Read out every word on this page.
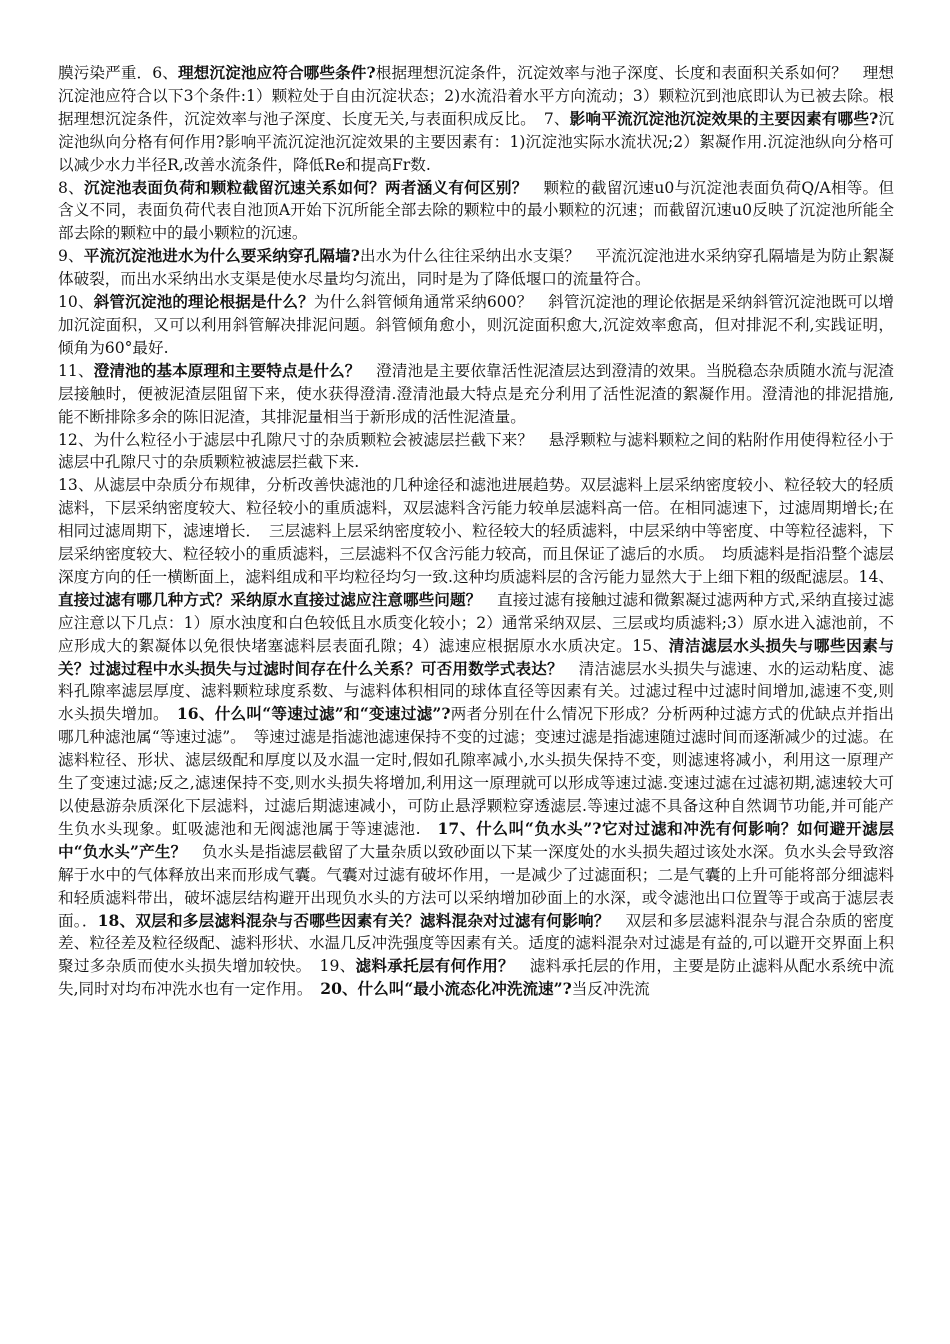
膜污染严重．6、理想沉淀池应符合哪些条件?根据理想沉淀条件，沉淀效率与池子深度、长度和表面积关系如何？　理想沉淀池应符合以下3个条件:1）颗粒处于自由沉淀状态；2)水流沿着水平方向流动；3）颗粒沉到池底即认为已被去除。根据理想沉淀条件，沉淀效率与池子深度、长度无关,与表面积成反比。　7、影响平流沉淀池沉淀效果的主要因素有哪些?沉淀池纵向分格有何作用?影响平流沉淀池沉淀效果的主要因素有：1)沉淀池实际水流状况;2）絮凝作用.沉淀池纵向分格可以减少水力半径R,改善水流条件，降低Re和提高Fr数.

8、沉淀池表面负荷和颗粒截留沉速关系如何？两者涵义有何区别？　颗粒的截留沉速u0与沉淀池表面负荷Q/A相等。但含义不同，表面负荷代表自池顶A开始下沉所能全部去除的颗粒中的最小颗粒的沉速；而截留沉速u0反映了沉淀池所能全部去除的颗粒中的最小颗粒的沉速。

9、平流沉淀池进水为什么要采纳穿孔隔墙?出水为什么往往采纳出水支渠？　平流沉淀池进水采纳穿孔隔墙是为防止絮凝体破裂，而出水采纳出水支渠是使水尽量均匀流出，同时是为了降低堰口的流量符合。

10、斜管沉淀池的理论根据是什么？为什么斜管倾角通常采纳600？　斜管沉淀池的理论依据是采纳斜管沉淀池既可以增加沉淀面积，又可以利用斜管解决排泥问题。斜管倾角愈小，则沉淀面积愈大,沉淀效率愈高，但对排泥不利,实践证明，倾角为60°最好.

11、澄清池的基本原理和主要特点是什么？　澄清池是主要依靠活性泥渣层达到澄清的效果。当脱稳态杂质随水流与泥渣层接触时，便被泥渣层阻留下来，使水获得澄清.澄清池最大特点是充分利用了活性泥渣的絮凝作用。澄清池的排泥措施,能不断排除多余的陈旧泥渣，其排泥量相当于新形成的活性泥渣量。

12、为什么粒径小于滤层中孔隙尺寸的杂质颗粒会被滤层拦截下来？　悬浮颗粒与滤料颗粒之间的粘附作用使得粒径小于滤层中孔隙尺寸的杂质颗粒被滤层拦截下来.

13、从滤层中杂质分布规律，分析改善快滤池的几种途径和滤池进展趋势。双层滤料上层采纳密度较小、粒径较大的轻质滤料，下层采纳密度较大、粒径较小的重质滤料，双层滤料含污能力较单层滤料高一倍。在相同滤速下，过滤周期增长;在相同过滤周期下，滤速增长．　三层滤料上层采纳密度较小、粒径较大的轻质滤料，中层采纳中等密度、中等粒径滤料，下层采纳密度较大、粒径较小的重质滤料，三层滤料不仅含污能力较高，而且保证了滤后的水质。　均质滤料是指沿整个滤层深度方向的任一横断面上，滤料组成和平均粒径均匀一致.这种均质滤料层的含污能力显然大于上细下粗的级配滤层。14、直接过滤有哪几种方式？采纳原水直接过滤应注意哪些问题？　直接过滤有接触过滤和微絮凝过滤两种方式,采纳直接过滤应注意以下几点：1）原水浊度和白色较低且水质变化较小；2）通常采纳双层、三层或均质滤料;3）原水进入滤池前，不应形成大的絮凝体以免很快堵塞滤料层表面孔隙；4）滤速应根据原水水质决定。15、清洁滤层水头损失与哪些因素与关？过滤过程中水头损失与过滤时间存在什么关系？可否用数学式表达？　清洁滤层水头损失与滤速、水的运动粘度、滤料孔隙率滤层厚度、滤料颗粒球度系数、与滤料体积相同的球体直径等因素有关。过滤过程中过滤时间增加,滤速不变,则水头损失增加。　16、什么叫“等速过滤”和“变速过滤”?两者分别在什么情况下形成？分析两种过滤方式的优缺点并指出哪几种滤池属“等速过滤”。　等速过滤是指滤池滤速保持不变的过滤；变速过滤是指滤速随过滤时间而逐渐减少的过滤。在滤料粒径、形状、滤层级配和厚度以及水温一定时,假如孔隙率减小,水头损失保持不变，则滤速将减小，利用这一原理产生了变速过滤;反之,滤速保持不变,则水头损失将增加,利用这一原理就可以形成等速过滤.变速过滤在过滤初期,滤速较大可以使悬游杂质深化下层滤料，过滤后期滤速减小，可防止悬浮颗粒穿透滤层.等速过滤不具备这种自然调节功能,并可能产生负水头现象。虹吸滤池和无阀滤池属于等速滤池.　17、什么叫“负水头”?它对过滤和冲洗有何影响？如何避开滤层中“负水头”产生？　负水头是指滤层截留了大量杂质以致砂面以下某一深度处的水头损失超过该处水深。负水头会导致溶解于水中的气体释放出来而形成气囊。气囊对过滤有破坏作用，一是减少了过滤面积；二是气囊的上升可能将部分细滤料和轻质滤料带出，破坏滤层结构避开出现负水头的方法可以采纳增加砂面上的水深，或令滤池出口位置等于或高于滤层表面。．18、双层和多层滤料混杂与否哪些因素有关？滤料混杂对过滤有何影响？　双层和多层滤料混杂与混合杂质的密度差、粒径差及粒径级配、滤料形状、水温几反冲洗强度等因素有关。适度的滤料混杂对过滤是有益的,可以避开交界面上积聚过多杂质而使水头损失增加较快。　19、滤料承托层有何作用？　滤料承托层的作用，主要是防止滤料从配水系统中流失,同时对均布冲洗水也有一定作用。　20、什么叫“最小流态化冲洗流速”?当反冲洗流
